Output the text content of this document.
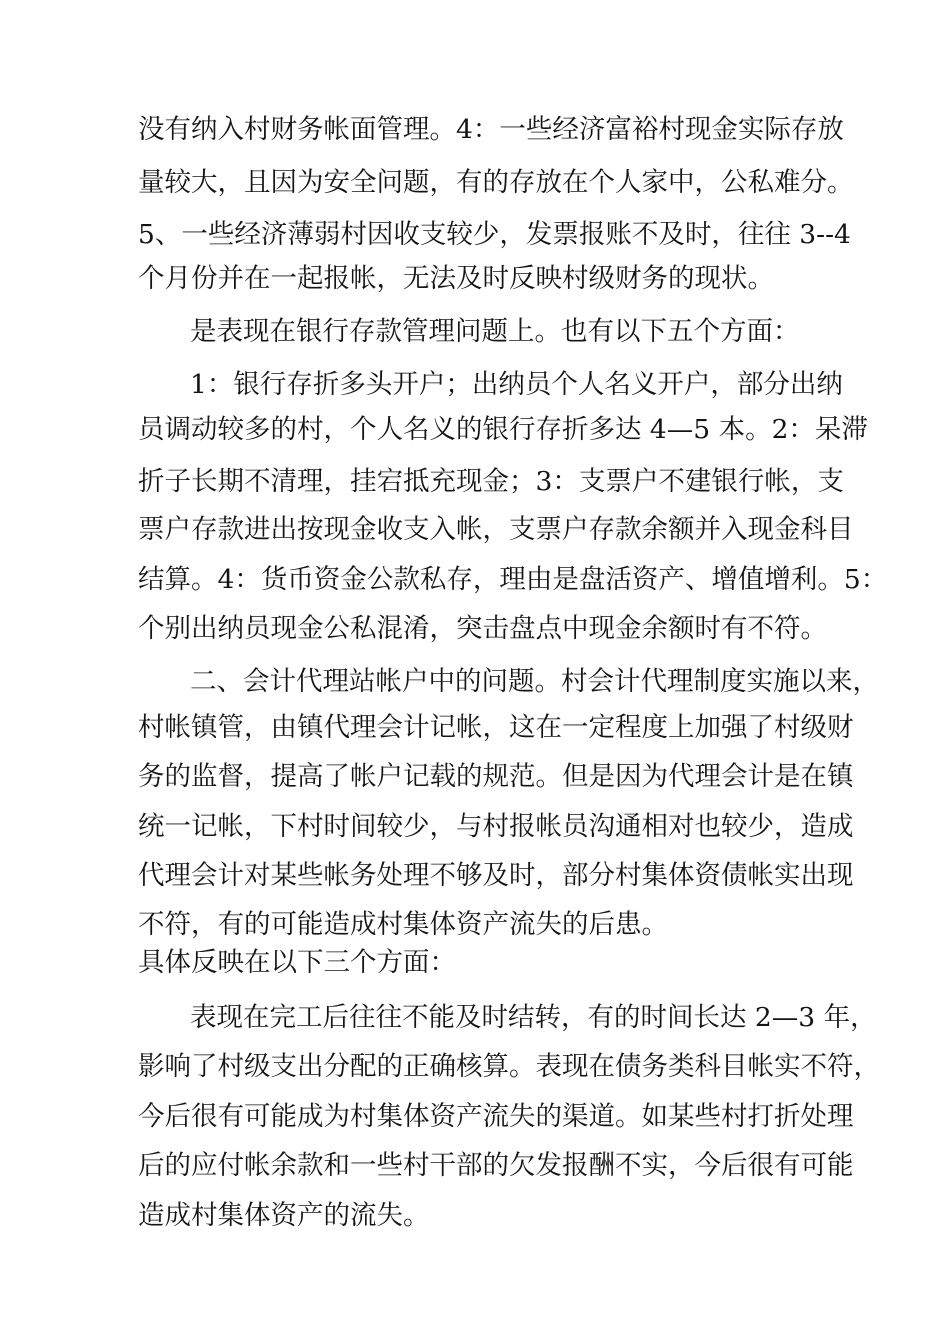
没有纳入村财务帐面管理。4：一些经济富裕村现金实际存放
量较大，且因为安全问题，有的存放在个人家中，公私难分。
5、一些经济薄弱村因收支较少，发票报账不及时，往往 3--4
个月份并在一起报帐，无法及时反映村级财务的现状。
是表现在银行存款管理问题上。也有以下五个方面：
1：银行存折多头开户；出纳员个人名义开户，部分出纳
员调动较多的村，个人名义的银行存折多达 4—5 本。2：呆滞
折子长期不清理，挂宕抵充现金；3：支票户不建银行帐，支
票户存款进出按现金收支入帐，支票户存款余额并入现金科目
结算。4：货币资金公款私存，理由是盘活资产、增值增利。5：
个别出纳员现金公私混淆，突击盘点中现金余额时有不符。
二、会计代理站帐户中的问题。村会计代理制度实施以来，
村帐镇管，由镇代理会计记帐，这在一定程度上加强了村级财
务的监督，提高了帐户记载的规范。但是因为代理会计是在镇
统一记帐，下村时间较少，与村报帐员沟通相对也较少，造成
代理会计对某些帐务处理不够及时，部分村集体资债帐实出现
不符，有的可能造成村集体资产流失的后患。
具体反映在以下三个方面：
表现在完工后往往不能及时结转，有的时间长达 2—3 年，
影响了村级支出分配的正确核算。表现在债务类科目帐实不符，
今后很有可能成为村集体资产流失的渠道。如某些村打折处理
后的应付帐余款和一些村干部的欠发报酬不实，今后很有可能
造成村集体资产的流失。
